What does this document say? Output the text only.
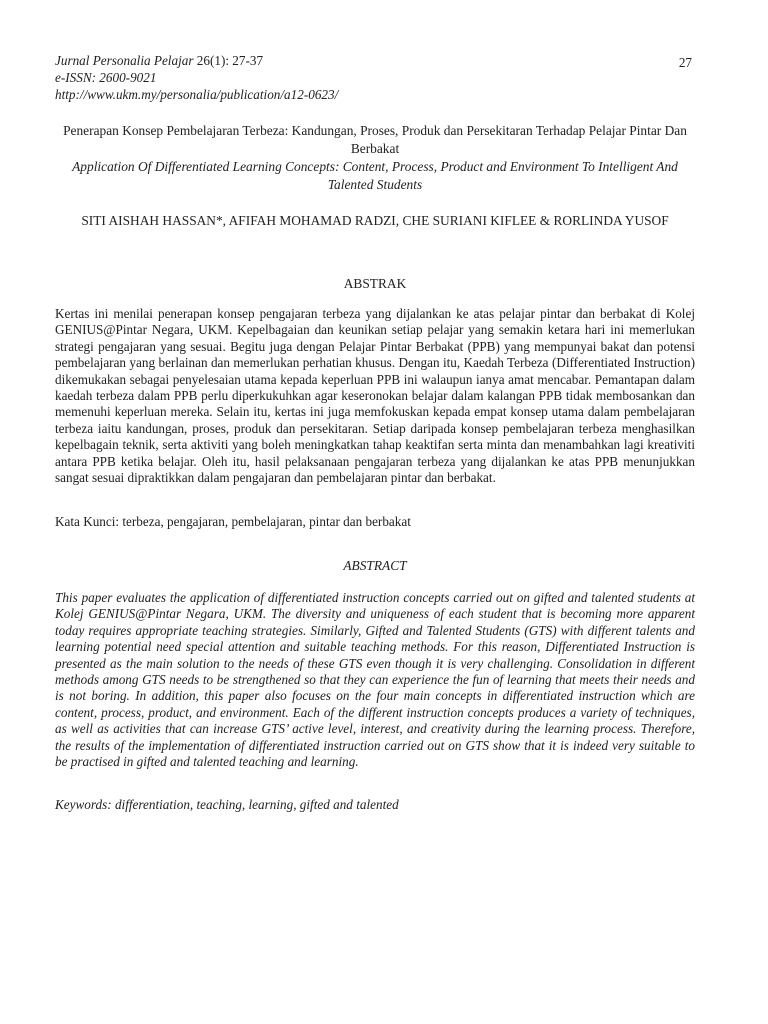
Jurnal Personalia Pelajar 26(1): 27-37
e-ISSN: 2600-9021
http://www.ukm.my/personalia/publication/a12-0623/
27
Penerapan Konsep Pembelajaran Terbeza: Kandungan, Proses, Produk dan Persekitaran Terhadap Pelajar Pintar Dan Berbakat
Application Of Differentiated Learning Concepts: Content, Process, Product and Environment To Intelligent And Talented Students
SITI AISHAH HASSAN*, AFIFAH MOHAMAD RADZI, CHE SURIANI KIFLEE & RORLINDA YUSOF
ABSTRAK

Kertas ini menilai penerapan konsep pengajaran terbeza yang dijalankan ke atas pelajar pintar dan berbakat di Kolej GENIUS@Pintar Negara, UKM. Kepelbagaian dan keunikan setiap pelajar yang semakin ketara hari ini memerlukan strategi pengajaran yang sesuai. Begitu juga dengan Pelajar Pintar Berbakat (PPB) yang mempunyai bakat dan potensi pembelajaran yang berlainan dan memerlukan perhatian khusus. Dengan itu, Kaedah Terbeza (Differentiated Instruction) dikemukakan sebagai penyelesaian utama kepada keperluan PPB ini walaupun ianya amat mencabar. Pemantapan dalam kaedah terbeza dalam PPB perlu diperkukuhkan agar keseronokan belajar dalam kalangan PPB tidak membosankan dan memenuhi keperluan mereka. Selain itu, kertas ini juga memfokuskan kepada empat konsep utama dalam pembelajaran terbeza iaitu kandungan, proses, produk dan persekitaran. Setiap daripada konsep pembelajaran terbeza menghasilkan kepelbagain teknik, serta aktiviti yang boleh meningkatkan tahap keaktifan serta minta dan menambahkan lagi kreativiti antara PPB ketika belajar. Oleh itu, hasil pelaksanaan pengajaran terbeza yang dijalankan ke atas PPB menunjukkan sangat sesuai dipraktikkan dalam pengajaran dan pembelajaran pintar dan berbakat.

Kata Kunci: terbeza, pengajaran, pembelajaran, pintar dan berbakat

ABSTRACT

This paper evaluates the application of differentiated instruction concepts carried out on gifted and talented students at Kolej GENIUS@Pintar Negara, UKM. The diversity and uniqueness of each student that is becoming more apparent today requires appropriate teaching strategies. Similarly, Gifted and Talented Students (GTS) with different talents and learning potential need special attention and suitable teaching methods. For this reason, Differentiated Instruction is presented as the main solution to the needs of these GTS even though it is very challenging. Consolidation in different methods among GTS needs to be strengthened so that they can experience the fun of learning that meets their needs and is not boring. In addition, this paper also focuses on the four main concepts in differentiated instruction which are content, process, product, and environment. Each of the different instruction concepts produces a variety of techniques, as well as activities that can increase GTS’ active level, interest, and creativity during the learning process. Therefore, the results of the implementation of differentiated instruction carried out on GTS show that it is indeed very suitable to be practised in gifted and talented teaching and learning.

Keywords: differentiation, teaching, learning, gifted and talented
